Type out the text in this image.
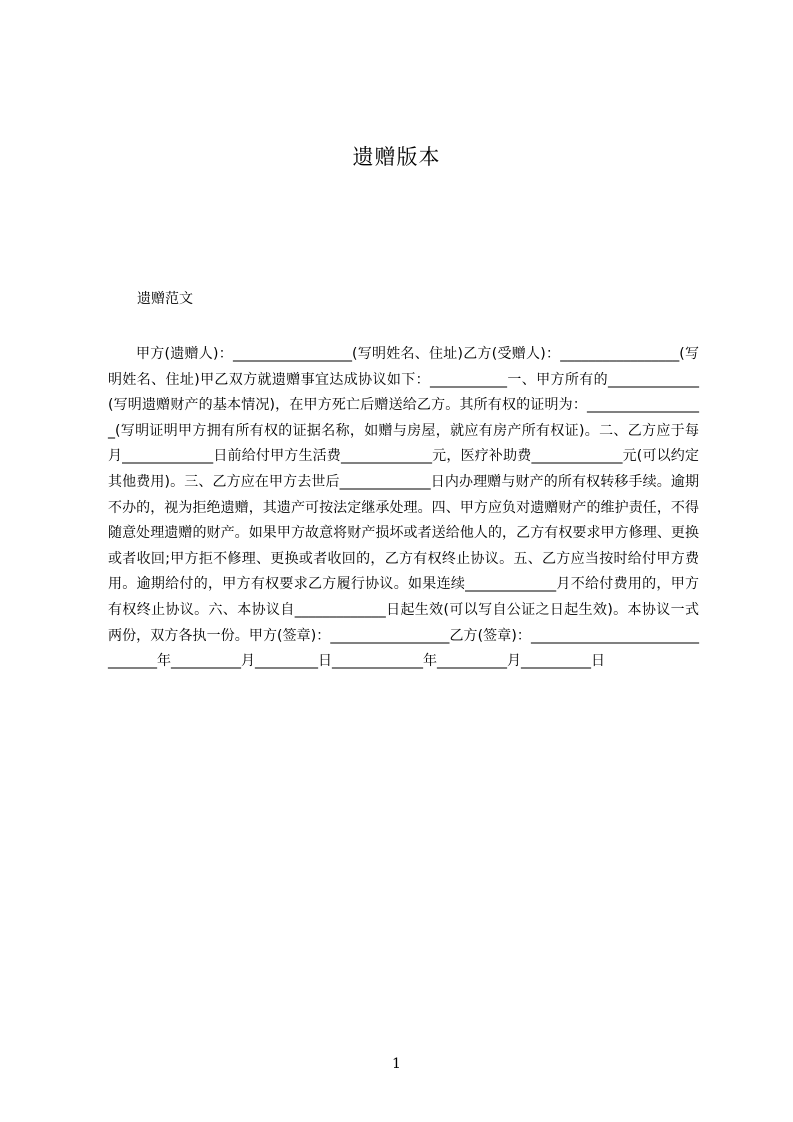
遗赠版本
遗赠范文

甲方(遗赠人)：_________________(写明姓名、住址)乙方(受赠人)：_________________(写明姓名、住址)甲乙双方就遗赠事宜达成协议如下：___________一、甲方所有的_____________(写明遗赠财产的基本情况)，在甲方死亡后赠送给乙方。其所有权的证明为：_________________(写明证明甲方拥有所有权的证据名称，如赠与房屋，就应有房产所有权证)。二、乙方应于每月_____________日前给付甲方生活费_____________元，医疗补助费_____________元(可以约定其他费用)。三、乙方应在甲方去世后_____________日内办理赠与财产的所有权转移手续。逾期不办的，视为拒绝遗赠，其遗产可按法定继承处理。四、甲方应负对遗赠财产的维护责任，不得随意处理遗赠的财产。如果甲方故意将财产损坏或者送给他人的，乙方有权要求甲方修理、更换或者收回;甲方拒不修理、更换或者收回的，乙方有权终止协议。五、乙方应当按时给付甲方费用。逾期给付的，甲方有权要求乙方履行协议。如果连续_____________月不给付费用的，甲方有权终止协议。六、本协议自_____________日起生效(可以写自公证之日起生效)。本协议一式两份，双方各执一份。甲方(签章)：_________________乙方(签章)：_______________________________年__________月_________日_____________年__________月__________日

1
